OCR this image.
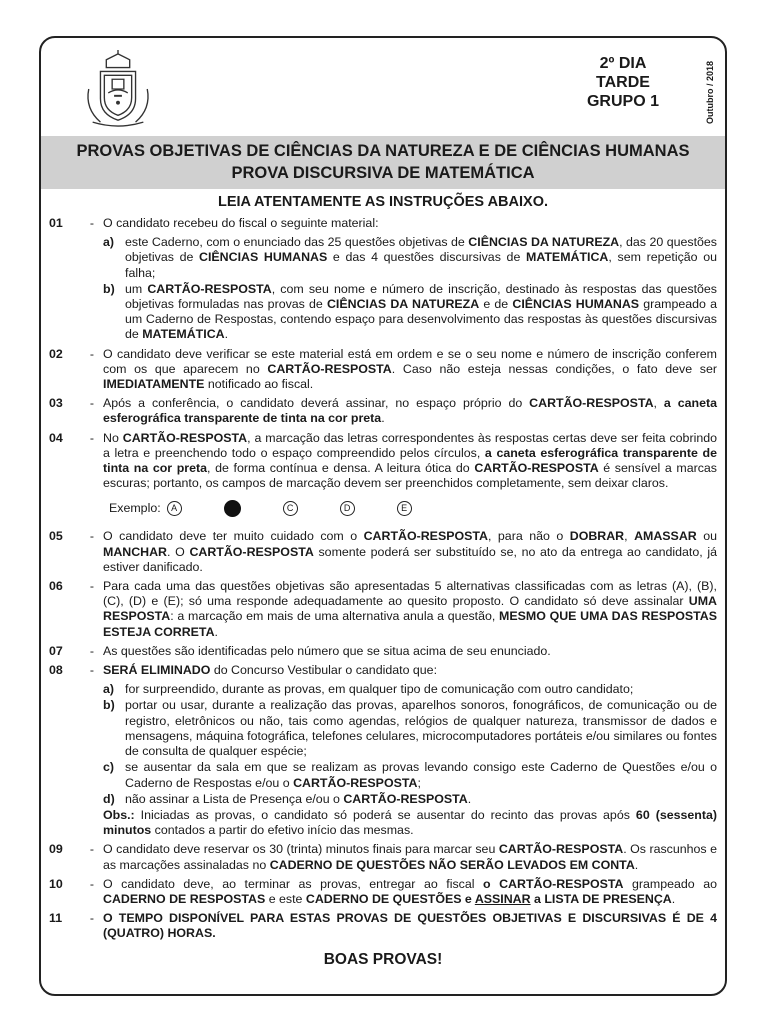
2º DIA
TARDE
GRUPO 1	Outubro / 2018
PROVAS OBJETIVAS DE CIÊNCIAS DA NATUREZA E DE CIÊNCIAS HUMANAS
PROVA DISCURSIVA DE MATEMÁTICA
LEIA ATENTAMENTE AS INSTRUÇÕES ABAIXO.
01	- O candidato recebeu do fiscal o seguinte material:
a) este Caderno, com o enunciado das 25 questões objetivas de CIÊNCIAS DA NATUREZA, das 20 questões objetivas de CIÊNCIAS HUMANAS e das 4 questões discursivas de MATEMÁTICA, sem repetição ou falha;
b) um CARTÃO-RESPOSTA, com seu nome e número de inscrição, destinado às respostas das questões objetivas formuladas nas provas de CIÊNCIAS DA NATUREZA e de CIÊNCIAS HUMANAS grampeado a um Caderno de Respostas, contendo espaço para desenvolvimento das respostas às questões discursivas de MATEMÁTICA.
02	- O candidato deve verificar se este material está em ordem e se o seu nome e número de inscrição conferem com os que aparecem no CARTÃO-RESPOSTA. Caso não esteja nessas condições, o fato deve ser IMEDIATAMENTE notificado ao fiscal.
03	- Após a conferência, o candidato deverá assinar, no espaço próprio do CARTÃO-RESPOSTA, a caneta esferográfica transparente de tinta na cor preta.
04	- No CARTÃO-RESPOSTA, a marcação das letras correspondentes às respostas certas deve ser feita cobrindo a letra e preenchendo todo o espaço compreendido pelos círculos, a caneta esferográfica transparente de tinta na cor preta, de forma contínua e densa. A leitura ótica do CARTÃO-RESPOSTA é sensível a marcas escuras; portanto, os campos de marcação devem ser preenchidos completamente, sem deixar claros.
Exemplo:	A	C	D	E
05	- O candidato deve ter muito cuidado com o CARTÃO-RESPOSTA, para não o DOBRAR, AMASSAR ou MANCHAR. O CARTÃO-RESPOSTA somente poderá ser substituído se, no ato da entrega ao candidato, já estiver danificado.
06	- Para cada uma das questões objetivas são apresentadas 5 alternativas classificadas com as letras (A), (B), (C), (D) e (E); só uma responde adequadamente ao quesito proposto. O candidato só deve assinalar UMA RESPOSTA: a marcação em mais de uma alternativa anula a questão, MESMO QUE UMA DAS RESPOSTAS ESTEJA CORRETA.
07	- As questões são identificadas pelo número que se situa acima de seu enunciado.
08	- SERÁ ELIMINADO do Concurso Vestibular o candidato que:
a) for surpreendido, durante as provas, em qualquer tipo de comunicação com outro candidato;
b) portar ou usar, durante a realização das provas, aparelhos sonoros, fonográficos, de comunicação ou de registro, eletrônicos ou não, tais como agendas, relógios de qualquer natureza, transmissor de dados e mensagens, máquina fotográfica, telefones celulares, microcomputadores portáteis e/ou similares ou fontes de consulta de qualquer espécie;
c) se ausentar da sala em que se realizam as provas levando consigo este Caderno de Questões e/ou o Caderno de Respostas e/ou o CARTÃO-RESPOSTA;
d) não assinar a Lista de Presença e/ou o CARTÃO-RESPOSTA.
Obs.: Iniciadas as provas, o candidato só poderá se ausentar do recinto das provas após 60 (sessenta) minutos contados a partir do efetivo início das mesmas.
09	- O candidato deve reservar os 30 (trinta) minutos finais para marcar seu CARTÃO-RESPOSTA. Os rascunhos e as marcações assinaladas no CADERNO DE QUESTÕES NÃO SERÃO LEVADOS EM CONTA.
10	- O candidato deve, ao terminar as provas, entregar ao fiscal o CARTÃO-RESPOSTA grampeado ao CADERNO DE RESPOSTAS e este CADERNO DE QUESTÕES e ASSINAR a LISTA DE PRESENÇA.
11	- O TEMPO DISPONÍVEL PARA ESTAS PROVAS DE QUESTÕES OBJETIVAS E DISCURSIVAS É DE 4 (QUATRO) HORAS.
BOAS PROVAS!
